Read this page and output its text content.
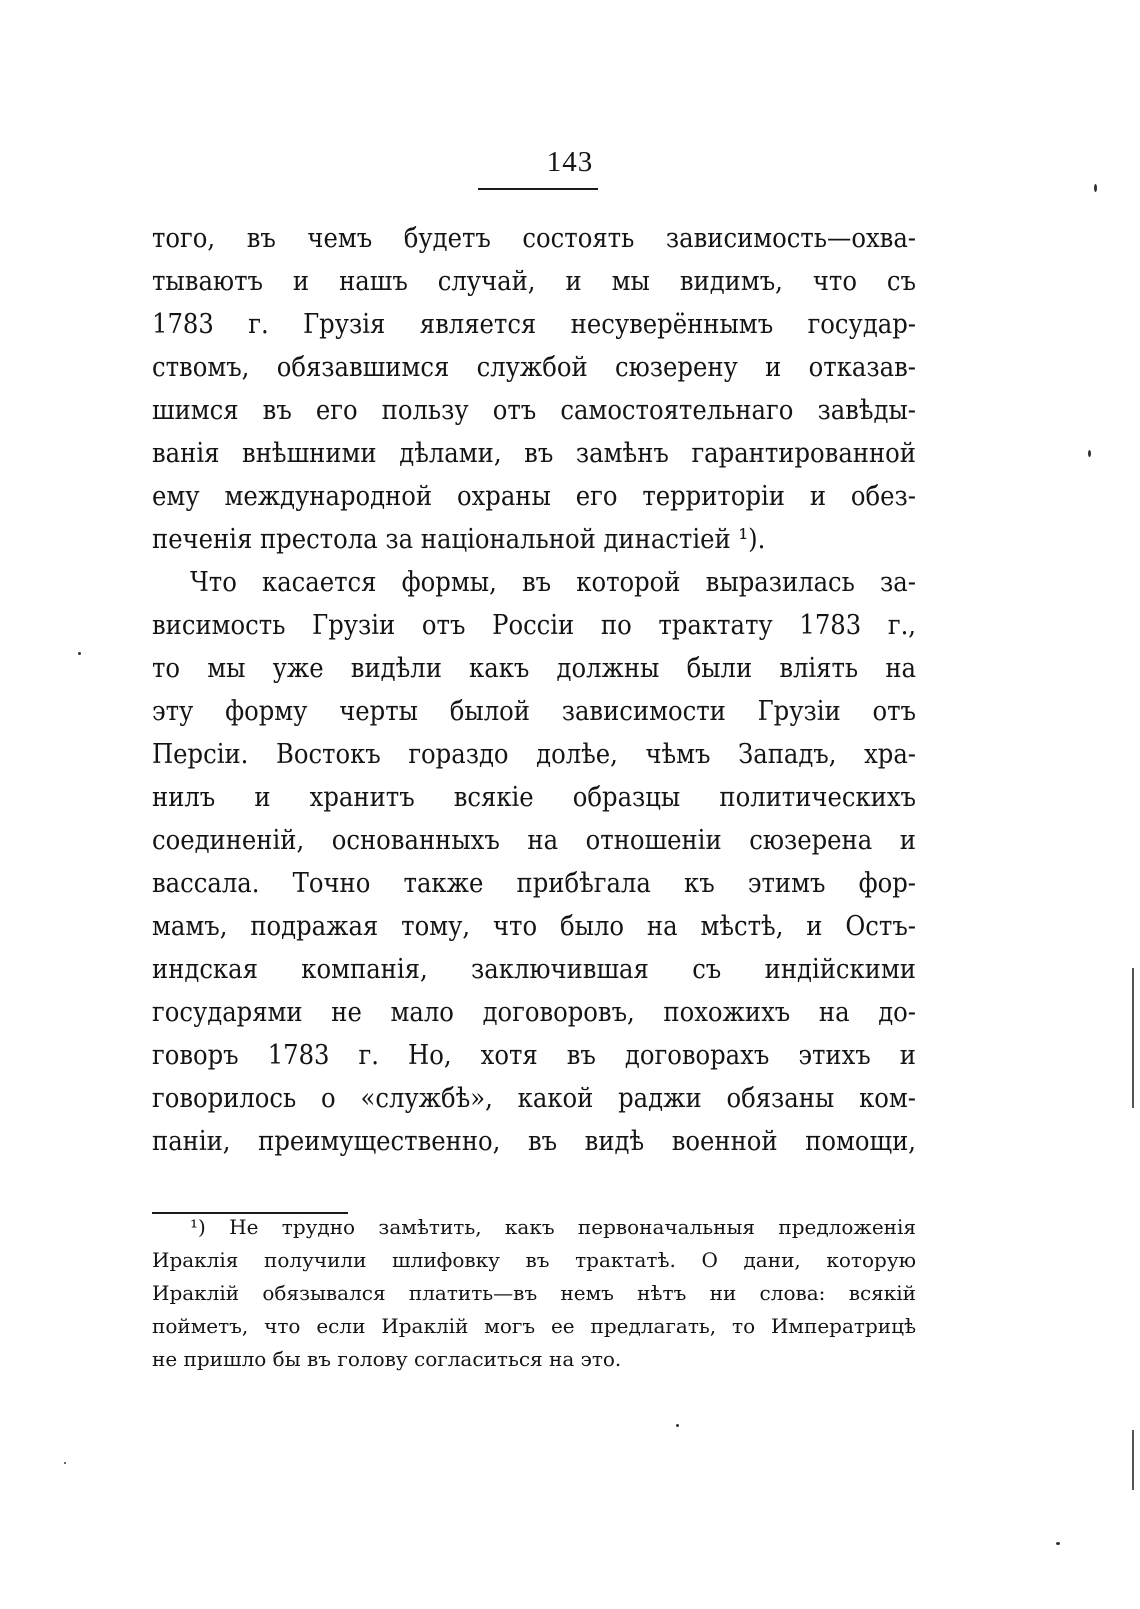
143

того, въ чемъ будетъ состоять зависимость—охва-

тываютъ и нашъ случай, и мы видимъ, что съ

1783 г. Грузія является несуверённымъ государ-

ствомъ, обязавшимся службой сюзерену и отказав-

шимся въ его пользу отъ самостоятельнаго завѣды-

ванія внѣшними дѣлами, въ замѣнъ гарантированной

ему международной охраны его территоріи и обез-

печенія престола за національной династіей ¹).

Что касается формы, въ которой выразилась за-

висимость Грузіи отъ Россіи по трактату 1783 г.,

то мы уже видѣли какъ должны были влiять на

эту форму черты былой зависимости Грузіи отъ

Персіи. Востокъ гораздо долѣе, чѣмъ Западъ, хра-

нилъ и хранитъ всякіе образцы политическихъ

соединеній, основанныхъ на отношеніи сюзерена и

вассала. Точно также прибѣгала къ этимъ фор-

мамъ, подражая тому, что было на мѣстѣ, и Остъ-

индская компанія, заключившая съ индійскими

государями не мало договоровъ, похожихъ на до-

говоръ 1783 г. Но, хотя въ договорахъ этихъ и

говорилось о «службѣ», какой раджи обязаны ком-

паніи, преимущественно, въ видѣ военной помощи,

¹) Не трудно замѣтить, какъ первоначальныя предложенія

Ираклія получили шлифовку въ трактатѣ. О дани, которую

Ираклій обязывался платить—въ немъ нѣтъ ни слова: всякій

пойметъ, что если Ираклій могъ ее предлагать, то Императрицѣ

не пришло бы въ голову согласиться на это.
